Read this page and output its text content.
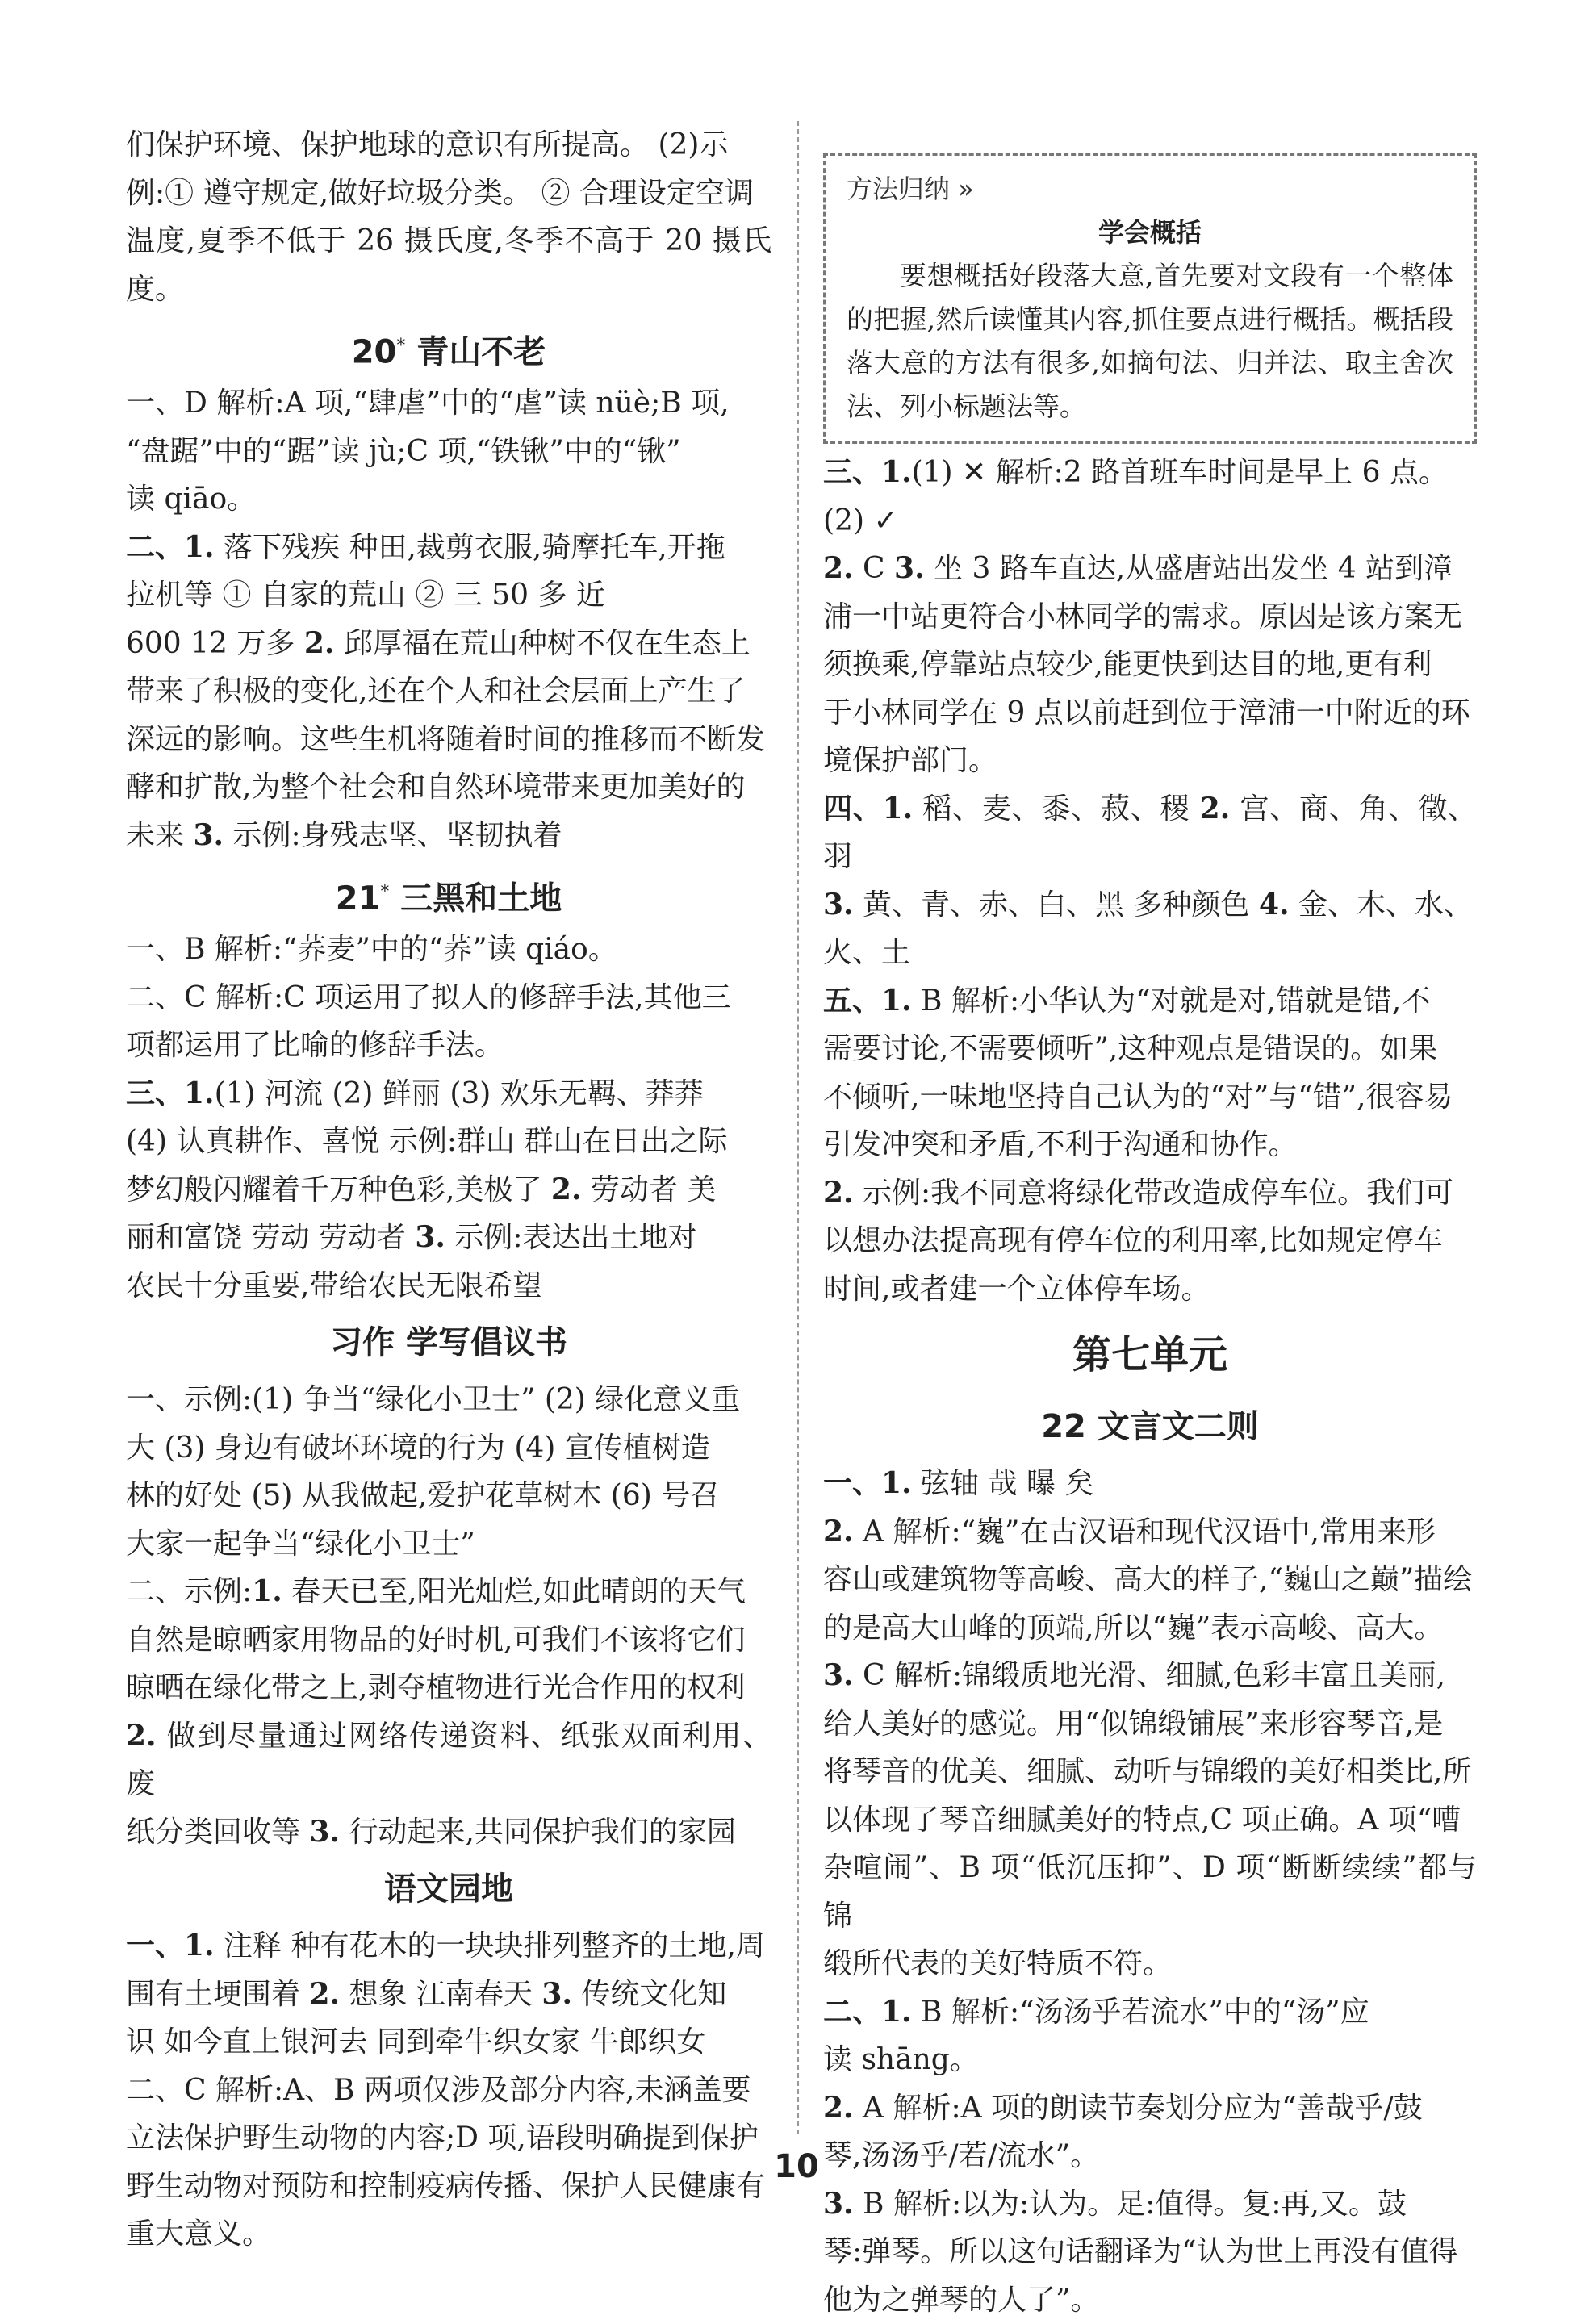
们保护环境、保护地球的意识有所提高。 (2)示

例:① 遵守规定,做好垃圾分类。 ② 合理设定空调

温度,夏季不低于 26 摄氏度,冬季不高于 20 摄氏度。

20* 青山不老

一、D 解析:A 项,“肆虐”中的“虐”读 nüè;B 项,

“盘踞”中的“踞”读 jù;C 项,“铁锹”中的“锹”

读 qiāo。

二、1. 落下残疾 种田,裁剪衣服,骑摩托车,开拖

拉机等 ① 自家的荒山 ② 三 50 多 近

600 12 万多 2. 邱厚福在荒山种树不仅在生态上

带来了积极的变化,还在个人和社会层面上产生了

深远的影响。这些生机将随着时间的推移而不断发

酵和扩散,为整个社会和自然环境带来更加美好的

未来 3. 示例:身残志坚、坚韧执着

21* 三黑和土地

一、B 解析:“荞麦”中的“荞”读 qiáo。

二、C 解析:C 项运用了拟人的修辞手法,其他三

项都运用了比喻的修辞手法。

三、1.(1) 河流 (2) 鲜丽 (3) 欢乐无羁、莽莽

(4) 认真耕作、喜悦 示例:群山 群山在日出之际

梦幻般闪耀着千万种色彩,美极了 2. 劳动者 美

丽和富饶 劳动 劳动者 3. 示例:表达出土地对

农民十分重要,带给农民无限希望

习作 学写倡议书

一、示例:(1) 争当“绿化小卫士” (2) 绿化意义重

大 (3) 身边有破坏环境的行为 (4) 宣传植树造

林的好处 (5) 从我做起,爱护花草树木 (6) 号召

大家一起争当“绿化小卫士”

二、示例:1. 春天已至,阳光灿烂,如此晴朗的天气

自然是晾晒家用物品的好时机,可我们不该将它们

晾晒在绿化带之上,剥夺植物进行光合作用的权利

2. 做到尽量通过网络传递资料、纸张双面利用、废

纸分类回收等 3. 行动起来,共同保护我们的家园

语文园地

一、1. 注释 种有花木的一块块排列整齐的土地,周

围有土埂围着 2. 想象 江南春天 3. 传统文化知

识 如今直上银河去 同到牵牛织女家 牛郎织女

二、C 解析:A、B 两项仅涉及部分内容,未涵盖要

立法保护野生动物的内容;D 项,语段明确提到保护

野生动物对预防和控制疫病传播、保护人民健康有

重大意义。

方法归纳 »
学会概括
要想概括好段落大意,首先要对文段有一个整体的把握,然后读懂其内容,抓住要点进行概括。概括段落大意的方法有很多,如摘句法、归并法、取主舍次法、列小标题法等。

三、1.(1) ✕ 解析:2 路首班车时间是早上 6 点。

(2) ✓

2. C 3. 坐 3 路车直达,从盛唐站出发坐 4 站到漳

浦一中站更符合小林同学的需求。原因是该方案无

须换乘,停靠站点较少,能更快到达目的地,更有利

于小林同学在 9 点以前赶到位于漳浦一中附近的环

境保护部门。

四、1. 稻、麦、黍、菽、稷 2. 宫、商、角、徵、羽

3. 黄、青、赤、白、黑 多种颜色 4. 金、木、水、

火、土

五、1. B 解析:小华认为“对就是对,错就是错,不

需要讨论,不需要倾听”,这种观点是错误的。如果

不倾听,一味地坚持自己认为的“对”与“错”,很容易

引发冲突和矛盾,不利于沟通和协作。

2. 示例:我不同意将绿化带改造成停车位。我们可

以想办法提高现有停车位的利用率,比如规定停车

时间,或者建一个立体停车场。

第七单元
22 文言文二则

一、1. 弦轴 哉 曝 矣

2. A 解析:“巍”在古汉语和现代汉语中,常用来形

容山或建筑物等高峻、高大的样子,“巍山之巅”描绘

的是高大山峰的顶端,所以“巍”表示高峻、高大。

3. C 解析:锦缎质地光滑、细腻,色彩丰富且美丽,

给人美好的感觉。用“似锦缎铺展”来形容琴音,是

将琴音的优美、细腻、动听与锦缎的美好相类比,所

以体现了琴音细腻美好的特点,C 项正确。A 项“嘈

杂喧闹”、B 项“低沉压抑”、D 项“断断续续”都与锦

缎所代表的美好特质不符。

二、1. B 解析:“汤汤乎若流水”中的“汤”应

读 shāng。

2. A 解析:A 项的朗读节奏划分应为“善哉乎/鼓

琴,汤汤乎/若/流水”。

3. B 解析:以为:认为。足:值得。复:再,又。鼓

琴:弹琴。所以这句话翻译为“认为世上再没有值得

他为之弹琴的人了”。

10
